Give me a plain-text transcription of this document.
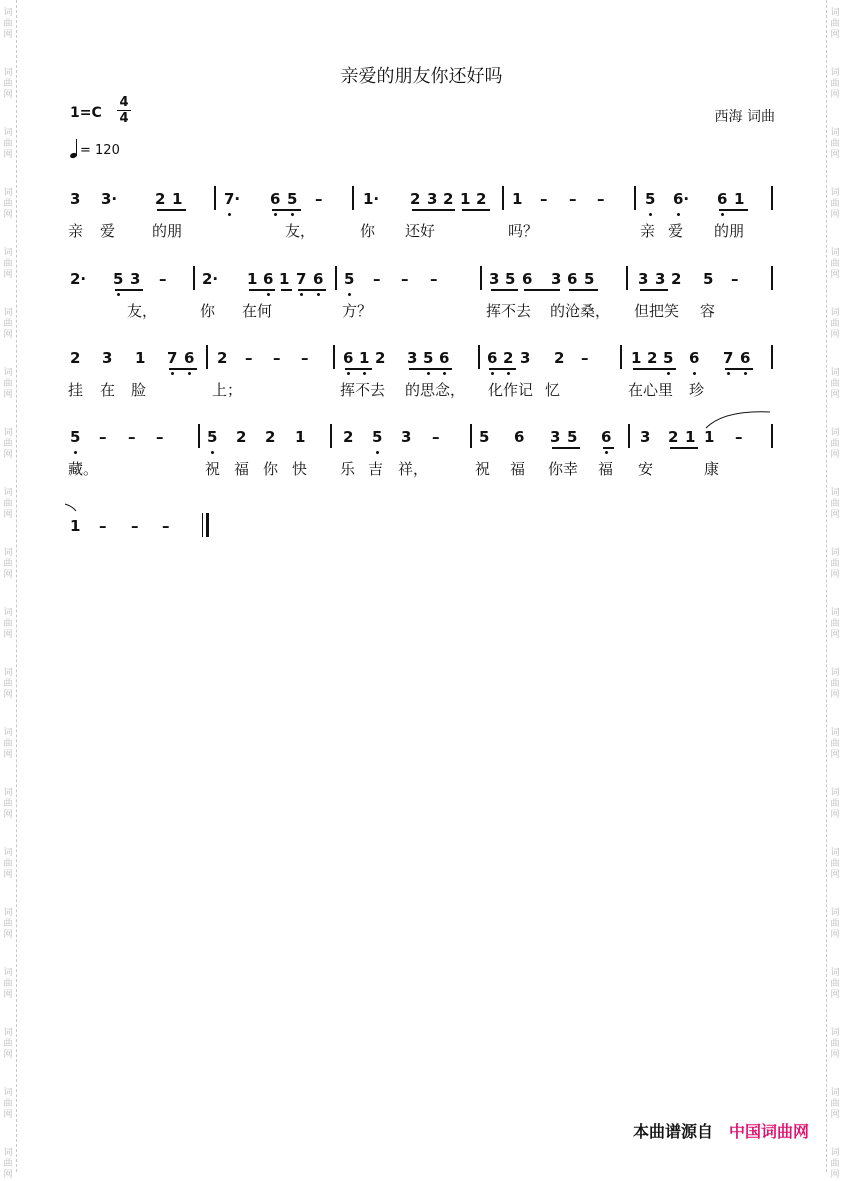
词
曲
网
词
曲
网
词
曲
网
词
曲
网
词
曲
网
词
曲
网
词
曲
网
词
曲
网
词
曲
网
词
曲
网
词
曲
网
词
曲
网
词
曲
网
词
曲
网
词
曲
网
词
曲
网
词
曲
网
词
曲
网
词
曲
网
词
曲
网
词
曲
网
词
曲
网
词
曲
网
词
曲
网
词
曲
网
词
曲
网
词
曲
网
词
曲
网
词
曲
网
词
曲
网
词
曲
网
词
曲
网
词
曲
网
词
曲
网
词
曲
网
词
曲
网
词
曲
网
词
曲
网
词
曲
网
词
曲
网
亲爱的朋友你还好吗
1=C
4
4
= 120
西海 词曲
3 3·	2 1	7· 6 5 –	1· 2 3 2 1 2 1 – – –	5 6· 6 1
亲 爱 的朋	友，	你 还好	吗？	亲 爱 的朋
2· 5 3 – 2· 1 6 1 7 6 5 – – –	3 5 6 3 6 5	3 3 2 5 –
友，	你 在何	方？	挥不去 的沧桑， 但把笑 容
2 3 1 7 6 2 – – – 6 1 2 3 5 6	6 2 3 2 –	1 2 5 6 7 6
挂 在 脸	上；	挥不去 的思念， 化作记 忆	在心里 珍
5 – – –	5 2 2 1	2 5 3 –	5 6 3 5 6 3 2 1 1 –
藏。	祝 福 你 快 乐 吉 祥，	祝 福 你幸 福 安	康
1 – – –
本曲谱源自 中国词曲网
